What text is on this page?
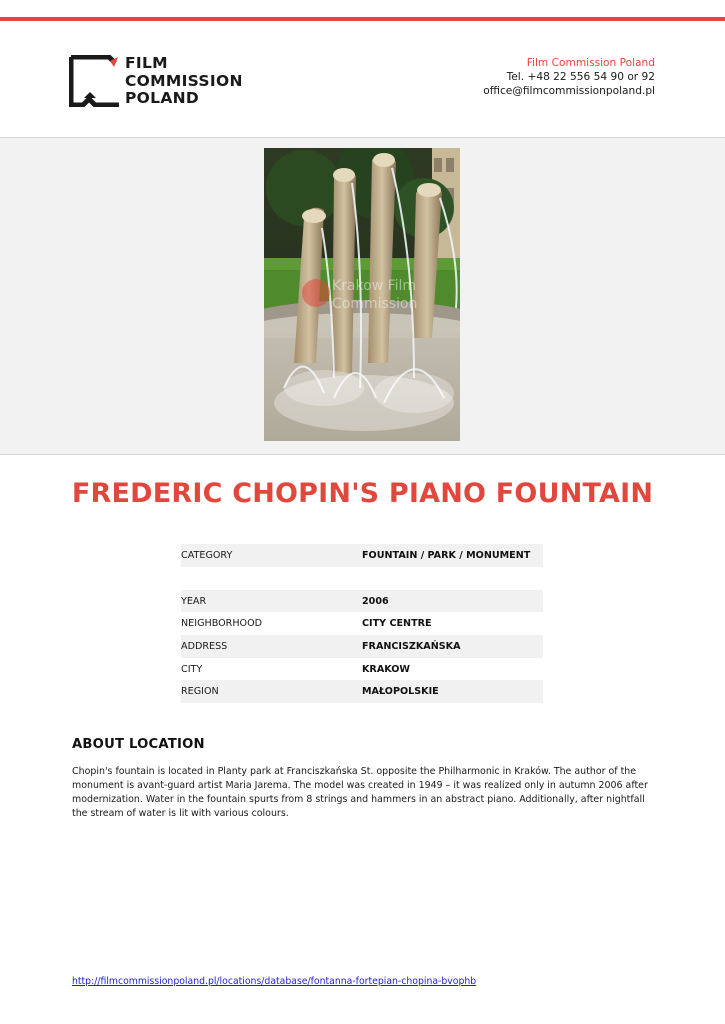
FILM
COMMISSION
POLAND
Film Commission Poland
Tel. +48 22 556 54 90 or 92
office@filmcommissionpoland.pl
Krakow Film
Commission
FREDERIC CHOPIN'S PIANO FOUNTAIN
CATEGORY	FOUNTAIN / PARK / MONUMENT
YEAR	2006
NEIGHBORHOOD	CITY CENTRE
ADDRESS	FRANCISZKAŃSKA
CITY	KRAKOW
REGION	MAŁOPOLSKIE
ABOUT LOCATION
Chopin's fountain is located in Planty park at Franciszkańska St. opposite the Philharmonic in Kraków. The author of the monument is avant-guard artist Maria Jarema. The model was created in 1949 – it was realized only in autumn 2006 after modernization. Water in the fountain spurts from 8 strings and hammers in an abstract piano. Additionally, after nightfall the stream of water is lit with various colours.
http://filmcommissionpoland.pl/locations/database/fontanna-fortepian-chopina-bvophb
